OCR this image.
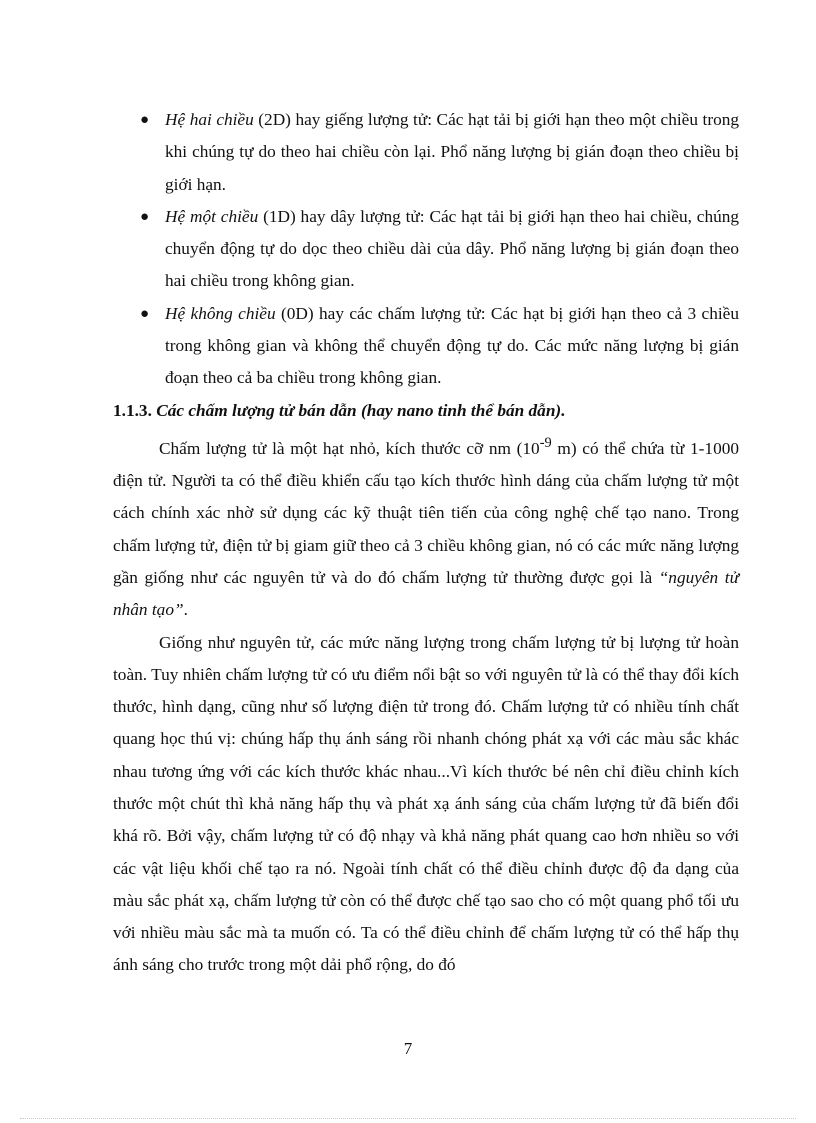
● Hệ hai chiều (2D) hay giếng lượng tử: Các hạt tải bị giới hạn theo một chiều trong khi chúng tự do theo hai chiều còn lại. Phổ năng lượng bị gián đoạn theo chiều bị giới hạn.
● Hệ một chiều (1D) hay dây lượng tử: Các hạt tải bị giới hạn theo hai chiều, chúng chuyển động tự do dọc theo chiều dài của dây. Phổ năng lượng bị gián đoạn theo hai chiều trong không gian.
● Hệ không chiều (0D) hay các chấm lượng tử: Các hạt bị giới hạn theo cả 3 chiều trong không gian và không thể chuyển động tự do. Các mức năng lượng bị gián đoạn theo cả ba chiều trong không gian.

1.1.3. Các chấm lượng tử bán dẫn (hay nano tinh thể bán dẫn).

Chấm lượng tử là một hạt nhỏ, kích thước cỡ nm ($10^{-9}$ m) có thể chứa từ 1-1000 điện tử. Người ta có thể điều khiển cấu tạo kích thước hình dáng của chấm lượng tử một cách chính xác nhờ sử dụng các kỹ thuật tiên tiến của công nghệ chế tạo nano. Trong chấm lượng tử, điện tử bị giam giữ theo cả 3 chiều không gian, nó có các mức năng lượng gần giống như các nguyên tử và do đó chấm lượng tử thường được gọi là “nguyên tử nhân tạo”.

Giống như nguyên tử, các mức năng lượng trong chấm lượng tử bị lượng tử hoàn toàn. Tuy nhiên chấm lượng tử có ưu điểm nổi bật so với nguyên tử là có thể thay đổi kích thước, hình dạng, cũng như số lượng điện tử trong đó. Chấm lượng tử có nhiều tính chất quang học thú vị: chúng hấp thụ ánh sáng rồi nhanh chóng phát xạ với các màu sắc khác nhau tương ứng với các kích thước khác nhau...Vì kích thước bé nên chỉ điều chỉnh kích thước một chút thì khả năng hấp thụ và phát xạ ánh sáng của chấm lượng tử đã biến đổi khá rõ. Bởi vậy, chấm lượng tử có độ nhạy và khả năng phát quang cao hơn nhiều so với các vật liệu khối chế tạo ra nó. Ngoài tính chất có thể điều chỉnh được độ đa dạng của màu sắc phát xạ, chấm lượng tử còn có thể được chế tạo sao cho có một quang phổ tối ưu với nhiều màu sắc mà ta muốn có. Ta có thể điều chỉnh để chấm lượng tử có thể hấp thụ ánh sáng cho trước trong một dải phổ rộng, do đó

7
